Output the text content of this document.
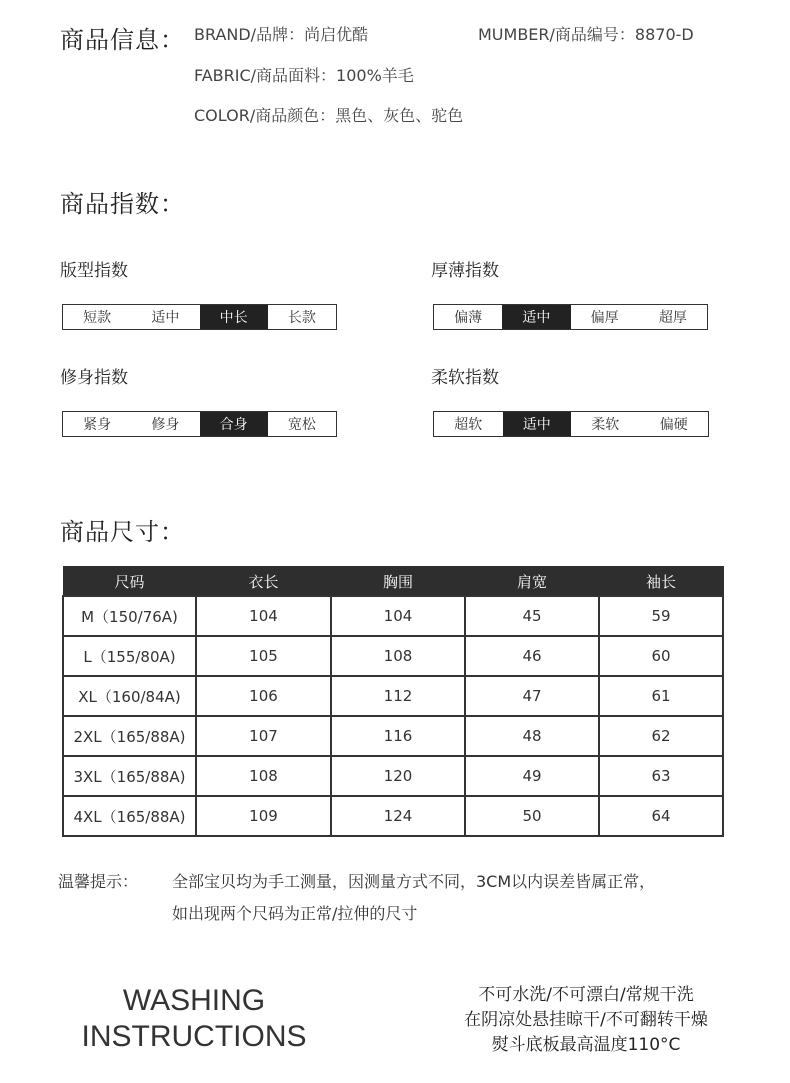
商品信息： BRAND/品牌：尚启优酷	MUMBER/商品编号：8870-D
FABRIC/商品面料：100%羊毛
COLOR/商品颜色：黑色、灰色、驼色
商品指数：
版型指数
短款	适中	中长	长款
厚薄指数
偏薄	适中	偏厚	超厚
修身指数
紧身	修身	合身	宽松
柔软指数
超软	适中	柔软	偏硬
商品尺寸：
尺码	衣长	胸围	肩宽	袖长
M（150/76A)	104	104	45	59
L（155/80A)	105	108	46	60
XL（160/84A)	106	112	47	61
2XL（165/88A)	107	116	48	62
3XL（165/88A)	108	120	49	63
4XL（165/88A)	109	124	50	64
温馨提示： 全部宝贝均为手工测量，因测量方式不同，3CM以内误差皆属正常，
如出现两个尺码为正常/拉伸的尺寸
WASHING
INSTRUCTIONS
不可水洗/不可漂白/常规干洗
在阴凉处悬挂晾干/不可翻转干燥
熨斗底板最高温度110°C
